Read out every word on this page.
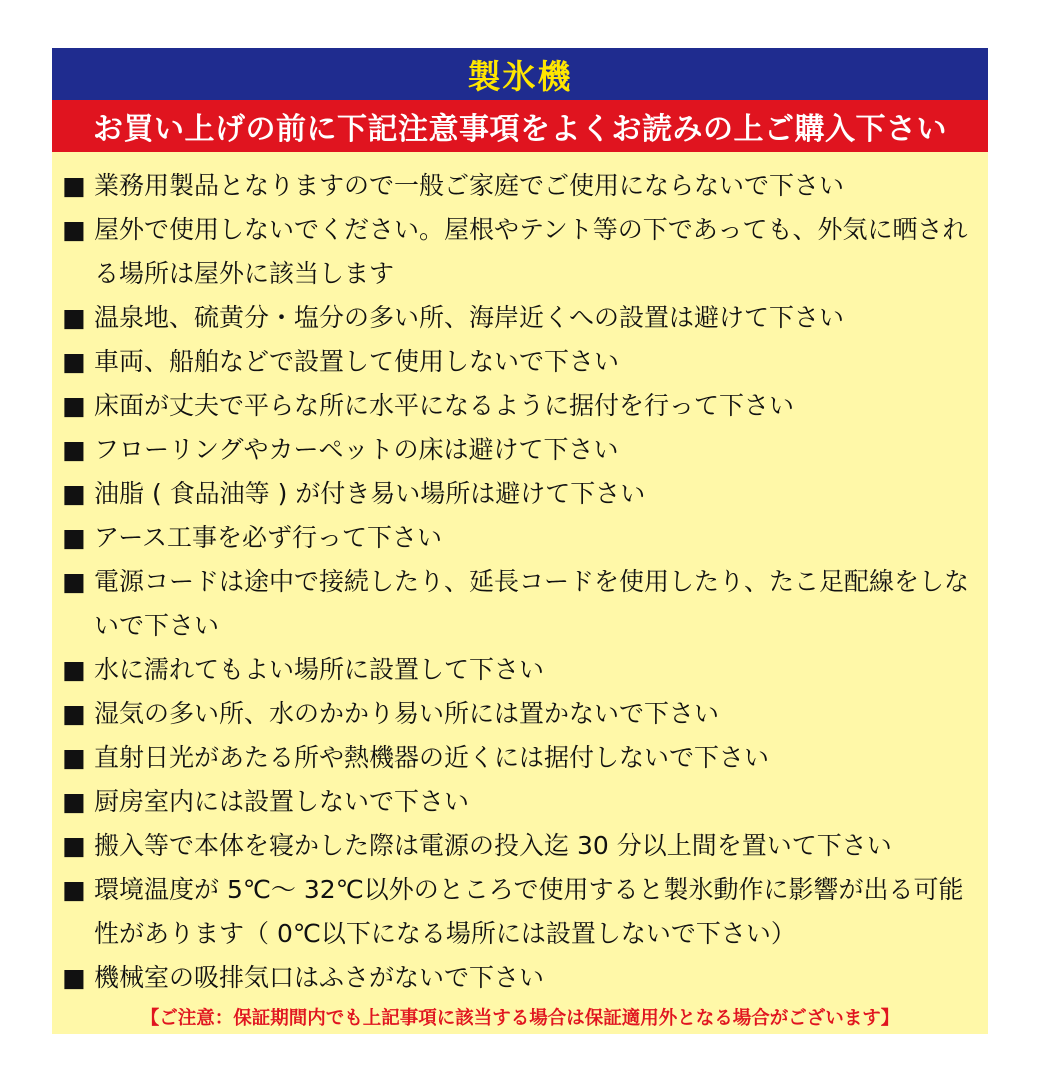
製氷機
お買い上げの前に下記注意事項をよくお読みの上ご購入下さい
■ 業務用製品となりますので一般ご家庭でご使用にならないで下さい
■ 屋外で使用しないでください。屋根やテント等の下であっても、外気に晒される場所は屋外に該当します
■ 温泉地、硫黄分・塩分の多い所、海岸近くへの設置は避けて下さい
■ 車両、船舶などで設置して使用しないで下さい
■ 床面が丈夫で平らな所に水平になるように据付を行って下さい
■ フローリングやカーペットの床は避けて下さい
■ 油脂 ( 食品油等 ) が付き易い場所は避けて下さい
■ アース工事を必ず行って下さい
■ 電源コードは途中で接続したり、延長コードを使用したり、たこ足配線をしないで下さい
■ 水に濡れてもよい場所に設置して下さい
■ 湿気の多い所、水のかかり易い所には置かないで下さい
■ 直射日光があたる所や熱機器の近くには据付しないで下さい
■ 厨房室内には設置しないで下さい
■ 搬入等で本体を寝かした際は電源の投入迄 30 分以上間を置いて下さい
■ 環境温度が 5℃～ 32℃以外のところで使用すると製氷動作に影響が出る可能性があります（ 0℃以下になる場所には設置しないで下さい）
■ 機械室の吸排気口はふさがないで下さい
【ご注意：保証期間内でも上記事項に該当する場合は保証適用外となる場合がございます】
